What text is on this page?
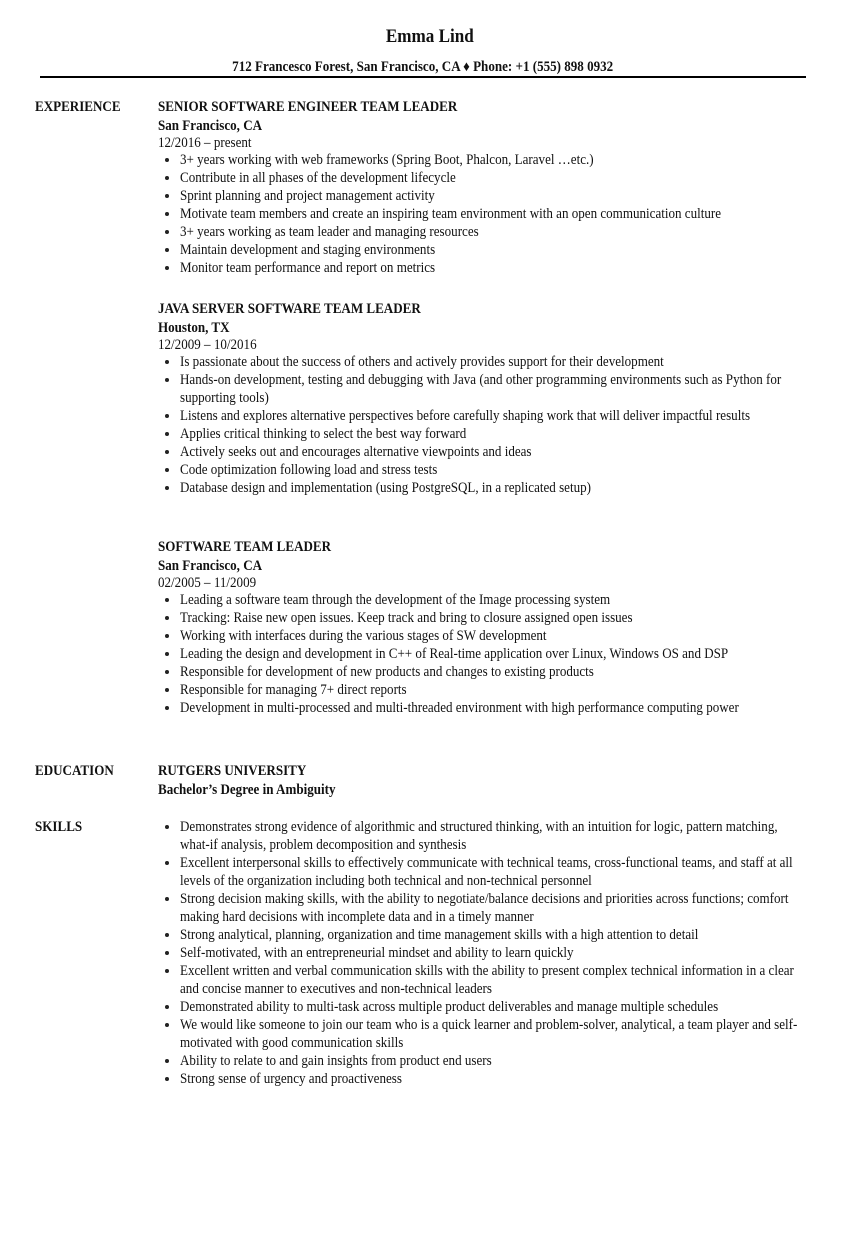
Emma Lind
712 Francesco Forest, San Francisco, CA ♦ Phone: +1 (555) 898 0932
EXPERIENCE	SENIOR SOFTWARE ENGINEER TEAM LEADER
San Francisco, CA
12/2016 – present
3+ years working with web frameworks (Spring Boot, Phalcon, Laravel …etc.)
Contribute in all phases of the development lifecycle
Sprint planning and project management activity
Motivate team members and create an inspiring team environment with an open communication culture
3+ years working as team leader and managing resources
Maintain development and staging environments
Monitor team performance and report on metrics
JAVA SERVER SOFTWARE TEAM LEADER
Houston, TX
12/2009 – 10/2016
Is passionate about the success of others and actively provides support for their development
Hands-on development, testing and debugging with Java (and other programming environments such as Python for supporting tools)
Listens and explores alternative perspectives before carefully shaping work that will deliver impactful results
Applies critical thinking to select the best way forward
Actively seeks out and encourages alternative viewpoints and ideas
Code optimization following load and stress tests
Database design and implementation (using PostgreSQL, in a replicated setup)
SOFTWARE TEAM LEADER
San Francisco, CA
02/2005 – 11/2009
Leading a software team through the development of the Image processing system
Tracking: Raise new open issues. Keep track and bring to closure assigned open issues
Working with interfaces during the various stages of SW development
Leading the design and development in C++ of Real-time application over Linux, Windows OS and DSP
Responsible for development of new products and changes to existing products
Responsible for managing 7+ direct reports
Development in multi-processed and multi-threaded environment with high performance computing power
EDUCATION	RUTGERS UNIVERSITY
Bachelor’s Degree in Ambiguity
SKILLS	Demonstrates strong evidence of algorithmic and structured thinking, with an intuition for logic, pattern matching, what-if analysis, problem decomposition and synthesis
Excellent interpersonal skills to effectively communicate with technical teams, cross-functional teams, and staff at all levels of the organization including both technical and non-technical personnel
Strong decision making skills, with the ability to negotiate/balance decisions and priorities across functions; comfort making hard decisions with incomplete data and in a timely manner
Strong analytical, planning, organization and time management skills with a high attention to detail
Self-motivated, with an entrepreneurial mindset and ability to learn quickly
Excellent written and verbal communication skills with the ability to present complex technical information in a clear and concise manner to executives and non-technical leaders
Demonstrated ability to multi-task across multiple product deliverables and manage multiple schedules
We would like someone to join our team who is a quick learner and problem-solver, analytical, a team player and self-motivated with good communication skills
Ability to relate to and gain insights from product end users
Strong sense of urgency and proactiveness
